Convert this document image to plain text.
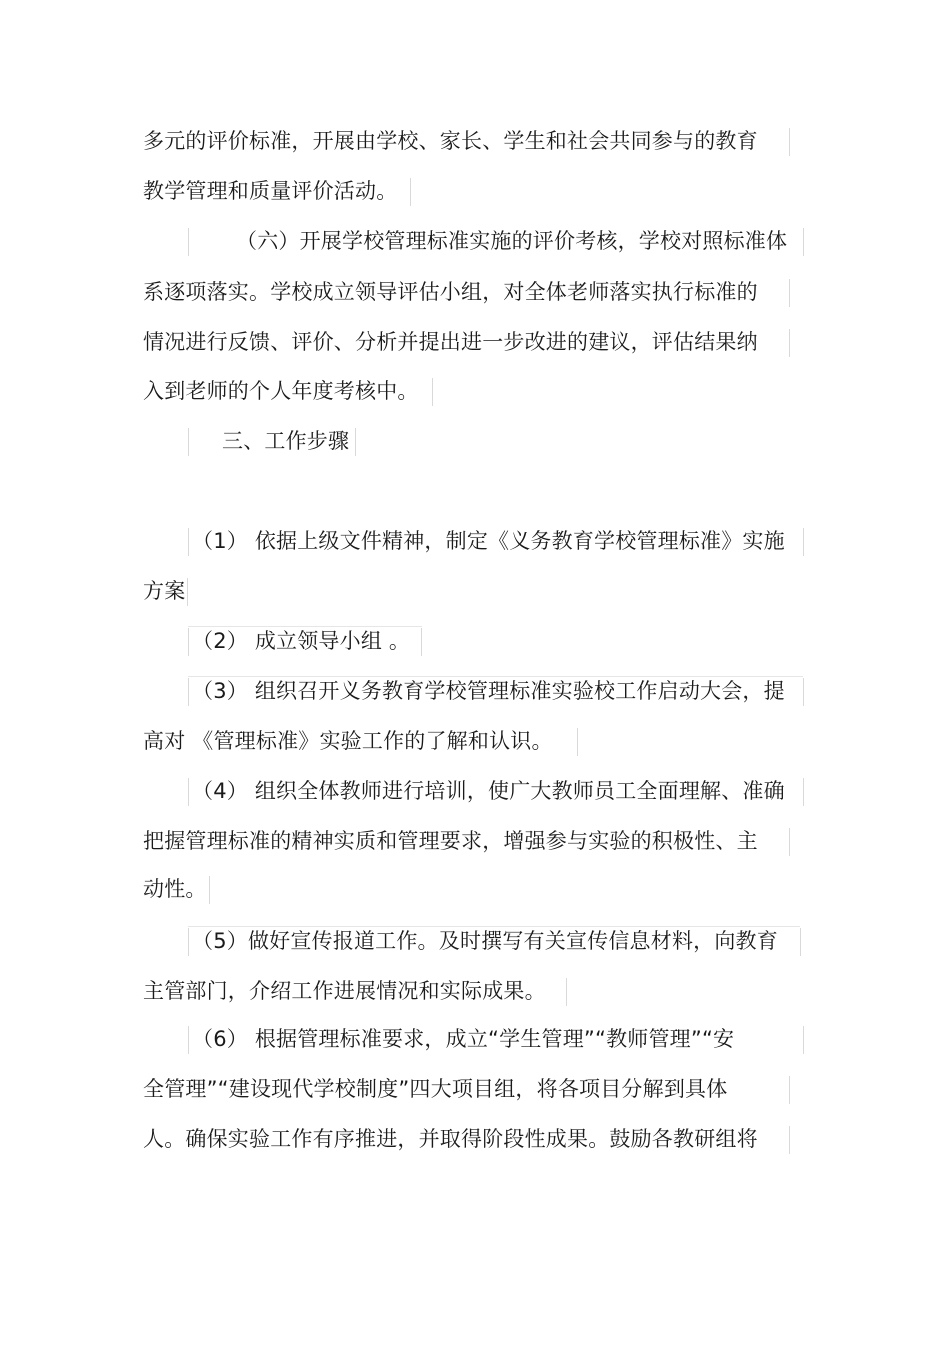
多元的评价标准，开展由学校、家长、学生和社会共同参与的教育
教学管理和质量评价活动。
（六）开展学校管理标准实施的评价考核，学校对照标准体
系逐项落实。学校成立领导评估小组，对全体老师落实执行标准的
情况进行反馈、评价、分析并提出进一步改进的建议，评估结果纳
入到老师的个人年度考核中。
三、工作步骤
（1） 依据上级文件精神，制定《义务教育学校管理标准》实施
方案
（2） 成立领导小组 。
（3） 组织召开义务教育学校管理标准实验校工作启动大会，提
高对 《管理标准》实验工作的了解和认识。
（4） 组织全体教师进行培训，使广大教师员工全面理解、准确
把握管理标准的精神实质和管理要求，增强参与实验的积极性、主
动性。
（5）做好宣传报道工作。及时撰写有关宣传信息材料，向教育
主管部门，介绍工作进展情况和实际成果。
（6） 根据管理标准要求，成立“学生管理”“教师管理”“安
全管理”“建设现代学校制度”四大项目组，将各项目分解到具体
人。确保实验工作有序推进，并取得阶段性成果。鼓励各教研组将
